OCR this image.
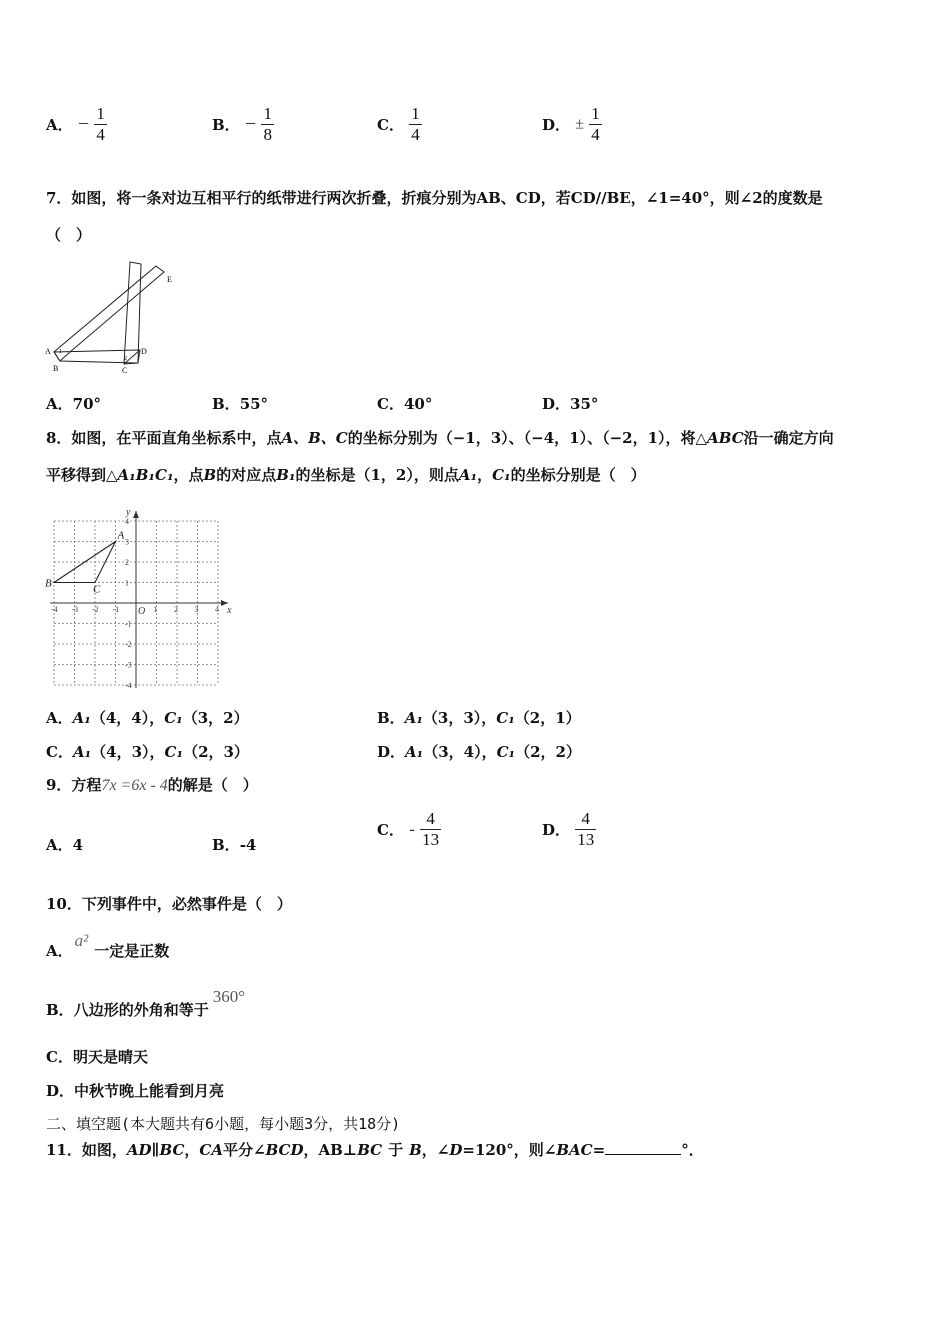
A． − $\frac{1}{4}$	B． − $\frac{1}{8}$	C． $\frac{1}{4}$	D． ± $\frac{1}{4}$
7．如图，将一条对边互相平行的纸带进行两次折叠，折痕分别为AB、CD，若CD//BE，∠1=40°，则∠2的度数是
（　）
E
A 1
B	C
2
D
A．70°	B．55°	C．40°	D．35°
8．如图，在平面直角坐标系中，点A、B、C的坐标分别为（−1，3）、（−4，1）、（−2，1），将△ABC沿一确定方向
平移得到△A₁B₁C₁，点B的对应点B₁的坐标是（1，2），则点A₁，C₁的坐标分别是（　）
x
y
O
-4 -3 -2 -1	1 2 3 4
4
3
2
1
-1
-2
-3
-4
A
B	C
A．A₁（4，4），C₁（3，2）	B．A₁（3，3），C₁（2，1）
C．A₁（4，3），C₁（2，3）	D．A₁（3，4），C₁（2，2）
9．方程7x =6x - 4的解是（　）
A．4	B．-4
C． - $\frac{4}{13}$	D． $\frac{4}{13}$
10．下列事件中，必然事件是（　）
A．a²一定是正数
B．八边形的外角和等于360°
C．明天是晴天
D．中秋节晚上能看到月亮
二、填空题(本大题共有6小题，每小题3分，共18分)
11．如图，AD∥BC，CA平分∠BCD，AB⊥BC 于 B，∠D=120°，则∠BAC=	°．
